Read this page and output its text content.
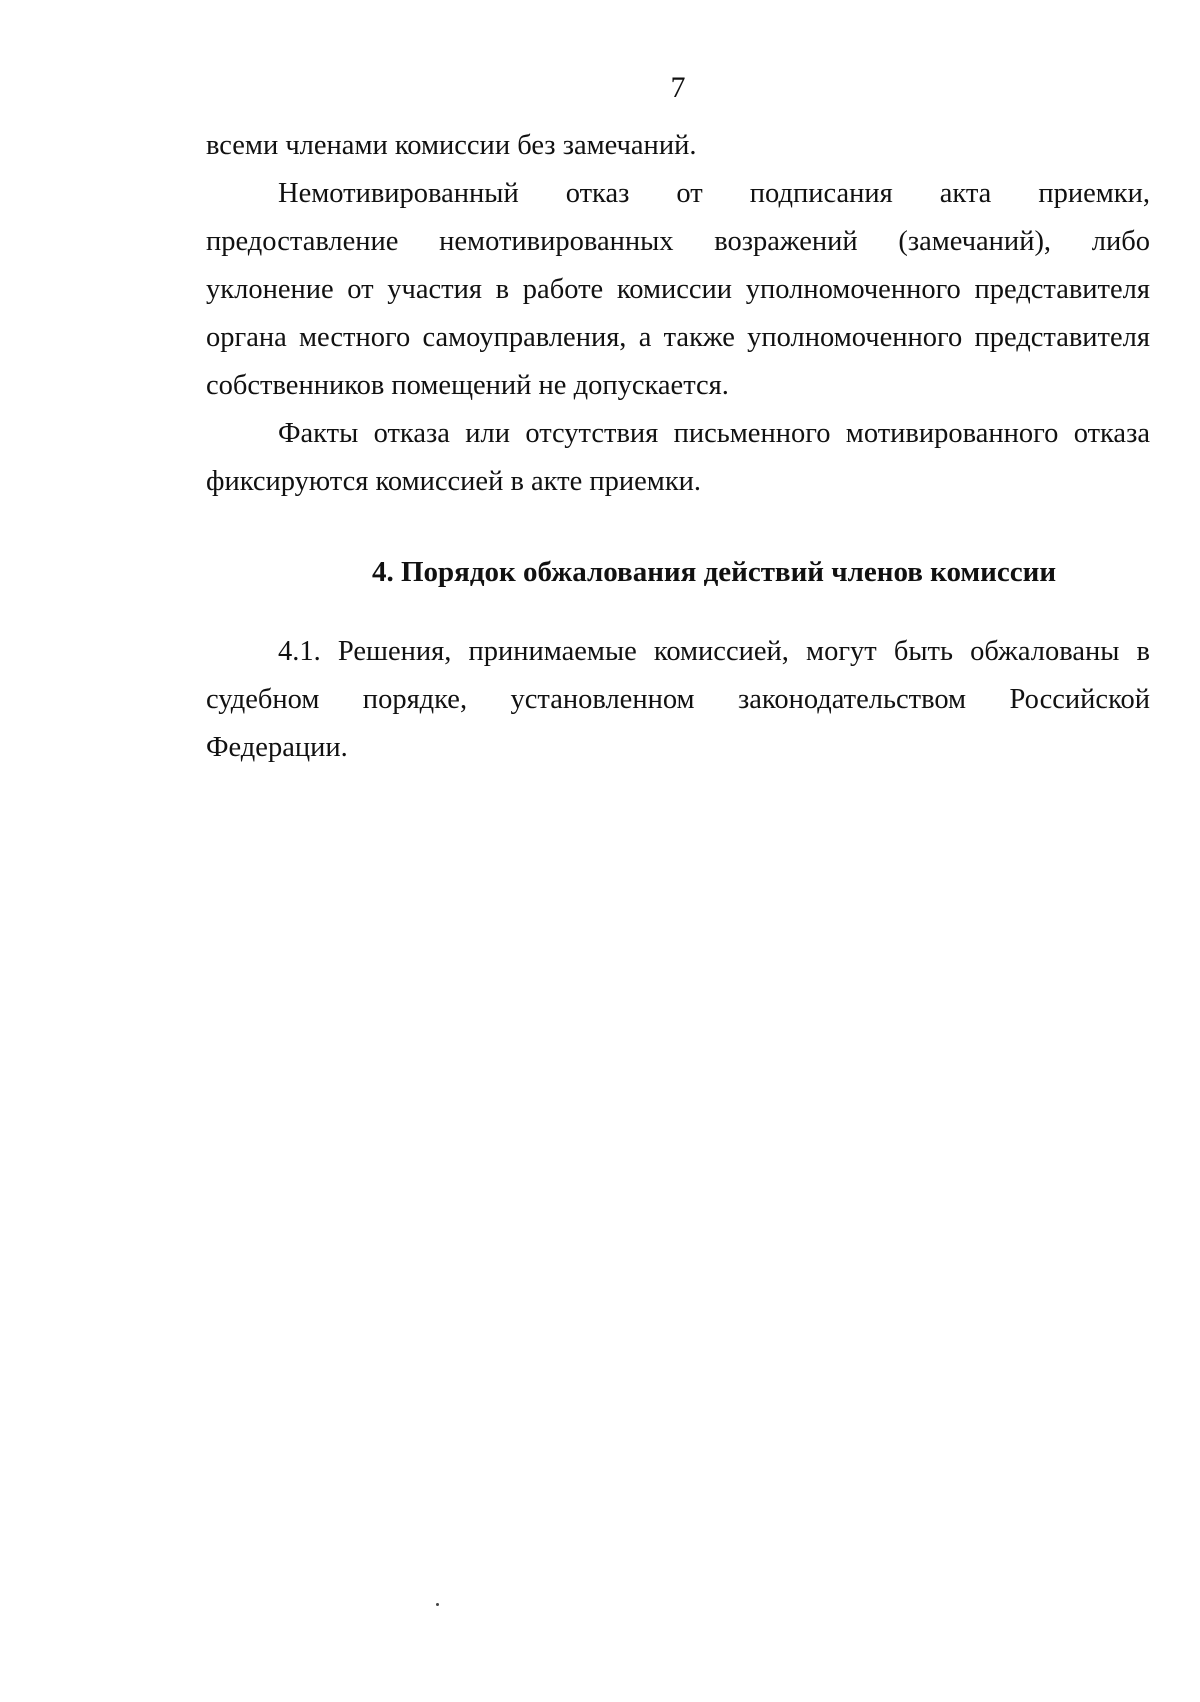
7

всеми членами комиссии без замечаний.

Немотивированный отказ от подписания акта приемки, предоставление немотивированных возражений (замечаний), либо уклонение от участия в работе комиссии уполномоченного представителя органа местного самоуправления, а также уполномоченного представителя собственников помещений не допускается.

Факты отказа или отсутствия письменного мотивированного отказа фиксируются комиссией в акте приемки.

4. Порядок обжалования действий членов комиссии

4.1. Решения, принимаемые комиссией, могут быть обжалованы в судебном порядке, установленном законодательством Российской Федерации.
